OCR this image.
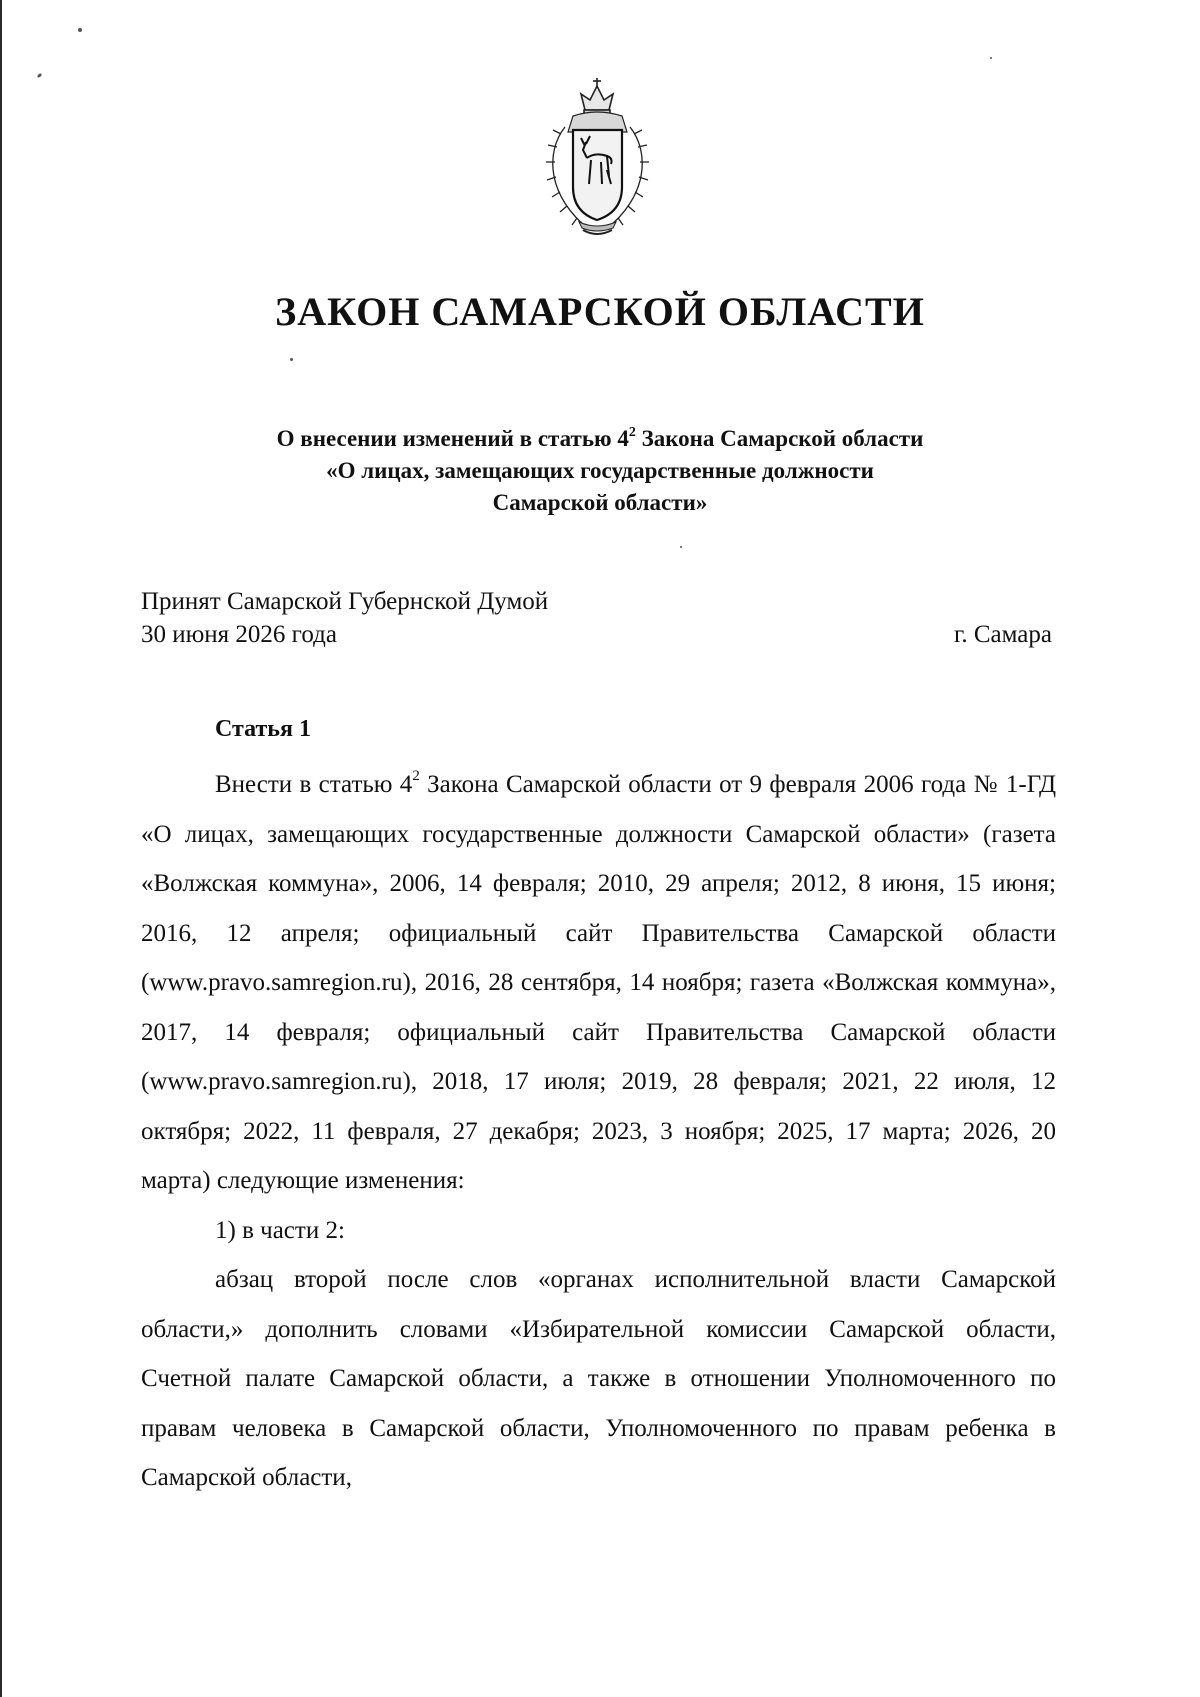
ЗАКОН САМАРСКОЙ ОБЛАСТИ
О внесении изменений в статью $4^2$ Закона Самарской области
«О лицах, замещающих государственные должности
Самарской области»
Принят Самарской Губернской Думой
30 июня 2026 года	г. Самара
Статья 1

Внести в статью $4^2$ Закона Самарской области от 9 февраля 2006 года № 1-ГД «О лицах, замещающих государственные должности Самарской области» (газета «Волжская коммуна», 2006, 14 февраля; 2010, 29 апреля; 2012, 8 июня, 15 июня; 2016, 12 апреля; официальный сайт Правительства Самарской области (www.pravo.samregion.ru), 2016, 28 сентября, 14 ноября; газета «Волжская коммуна», 2017, 14 февраля; официальный сайт Правительства Самарской области (www.pravo.samregion.ru), 2018, 17 июля; 2019, 28 февраля; 2021, 22 июля, 12 октября; 2022, 11 февраля, 27 декабря; 2023, 3 ноября; 2025, 17 марта; 2026, 20 марта) следующие изменения:

1) в части 2:

абзац второй после слов «органах исполнительной власти Самарской области,» дополнить словами «Избирательной комиссии Самарской области, Счетной палате Самарской области, а также в отношении Уполномоченного по правам человека в Самарской области, Уполномоченного по правам ребенка в Самарской области,
